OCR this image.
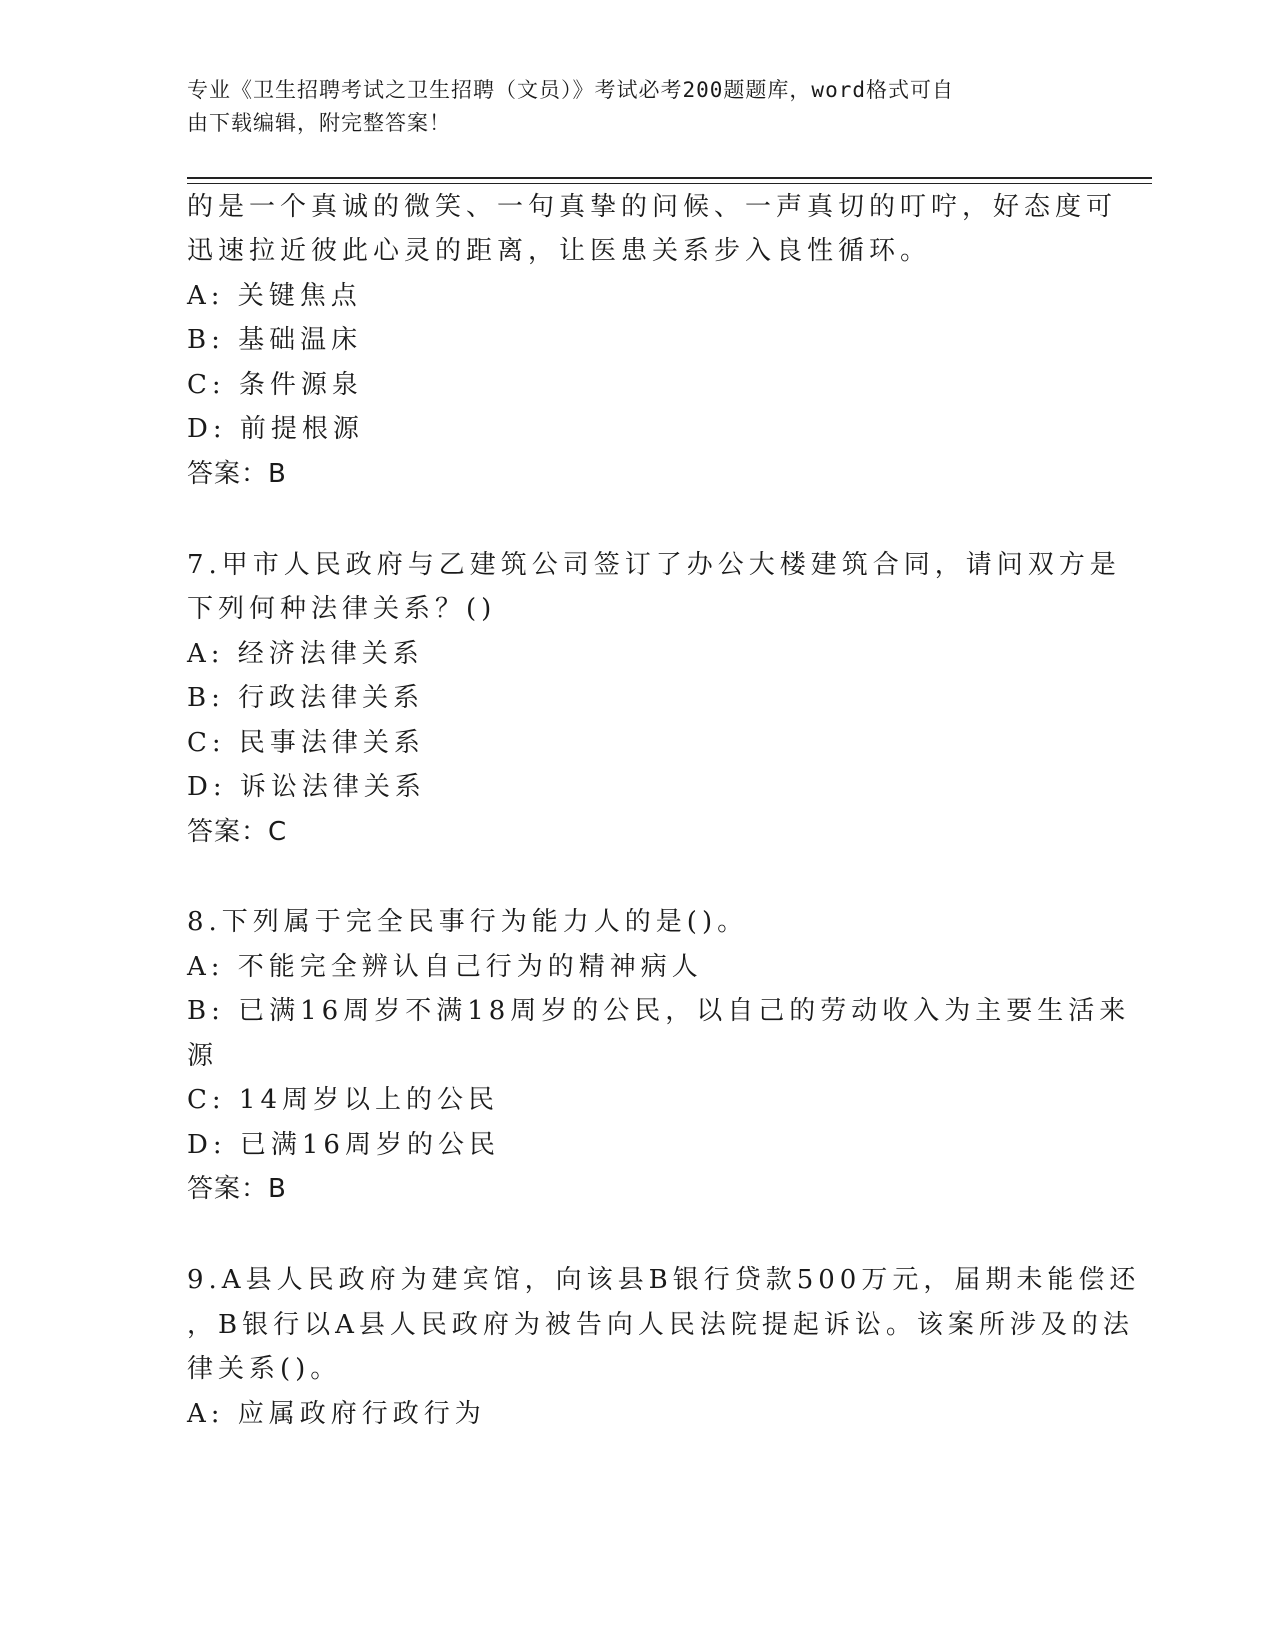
专业《卫生招聘考试之卫生招聘（文员）》考试必考200题题库，word格式可自
由下载编辑，附完整答案！
的是一个真诚的微笑、一句真挚的问候、一声真切的叮咛，好态度可
迅速拉近彼此心灵的距离，让医患关系步入良性循环。
A: 关键焦点
B: 基础温床
C: 条件源泉
D: 前提根源
答案：B
7.甲市人民政府与乙建筑公司签订了办公大楼建筑合同，请问双方是
下列何种法律关系？()
A: 经济法律关系
B: 行政法律关系
C: 民事法律关系
D: 诉讼法律关系
答案：C
8.下列属于完全民事行为能力人的是()。
A: 不能完全辨认自己行为的精神病人
B: 已满16周岁不满18周岁的公民，以自己的劳动收入为主要生活来
源
C: 14周岁以上的公民
D: 已满16周岁的公民
答案：B
9.A县人民政府为建宾馆，向该县B银行贷款500万元，届期未能偿还
，B银行以A县人民政府为被告向人民法院提起诉讼。该案所涉及的法
律关系()。
A: 应属政府行政行为
